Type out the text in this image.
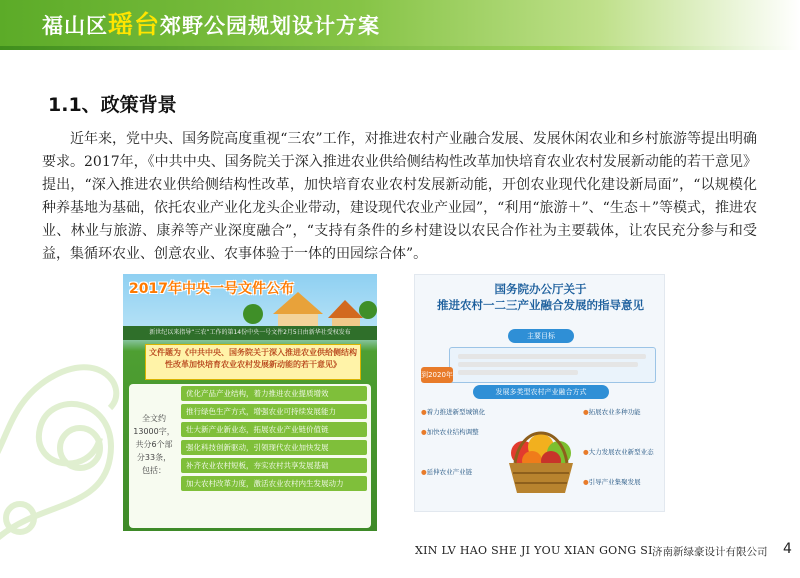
福山区瑶台郊野公园规划设计方案
1.1、政策背景
近年来，党中央、国务院高度重视“三农”工作，对推进农村产业融合发展、发展休闲农业和乡村旅游等提出明确要求。2017年，《中共中央、国务院关于深入推进农业供给侧结构性改革加快培育农业农村发展新动能的若干意见》提出，“深入推进农业供给侧结构性改革，加快培育农业农村发展新动能，开创农业现代化建设新局面”，“以规模化种养基地为基础，依托农业产业化龙头企业带动，建设现代农业产业园”，“利用“旅游＋”、“生态＋”等模式，推进农业、林业与旅游、康养等产业深度融合”，“支持有条件的乡村建设以农民合作社为主要载体，让农民充分参与和受益，集循环农业、创意农业、农事体验于一体的田园综合体”。
2017年中央一号文件公布
新世纪以来指导“三农”工作的第14份中央一号文件2月5日由新华社受权发布
文件题为《中共中央、国务院关于深入推进农业供给侧结构性改革加快培育农业农村发展新动能的若干意见》
全文约13000字，共分6个部分33条，包括：
优化产品产业结构，着力推进农业提质增效
推行绿色生产方式，增强农业可持续发展能力
壮大新产业新业态，拓展农业产业链价值链
强化科技创新驱动，引领现代农业加快发展
补齐农业农村短板，夯实农村共享发展基础
加大农村改革力度，激活农业农村内生发展动力
国务院办公厅关于
推进农村一二三产业融合发展的指导意见
主要目标
到2020年
发展多类型农村产业融合方式
● 着力推进新型城镇化
● 加快农业结构调整
● 延伸农业产业链
● 拓展农业多种功能
● 大力发展农业新型业态
● 引导产业集聚发展
XIN LV HAO SHE JI YOU XIAN GONG SI 济南新绿豪设计有限公司 4
